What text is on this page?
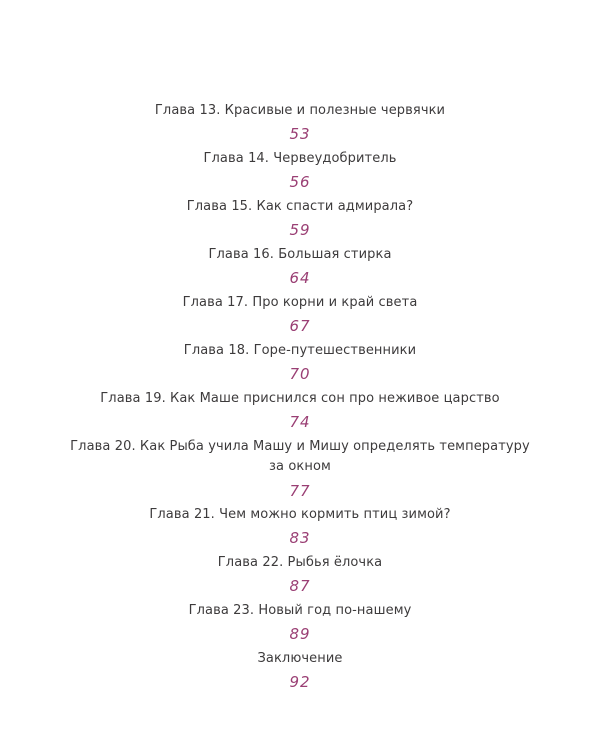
Глава 13. Красивые и полезные червячки
53
Глава 14. Червеудобритель
56
Глава 15. Как спасти адмирала?
59
Глава 16. Большая стирка
64
Глава 17. Про корни и край света
67
Глава 18. Горе-путешественники
70
Глава 19. Как Маше приснился сон про неживое царство
74
Глава 20. Как Рыба учила Машу и Мишу определять температуру
за окном
77
Глава 21. Чем можно кормить птиц зимой?
83
Глава 22. Рыбья ёлочка
87
Глава 23. Новый год по-нашему
89
Заключение
92
